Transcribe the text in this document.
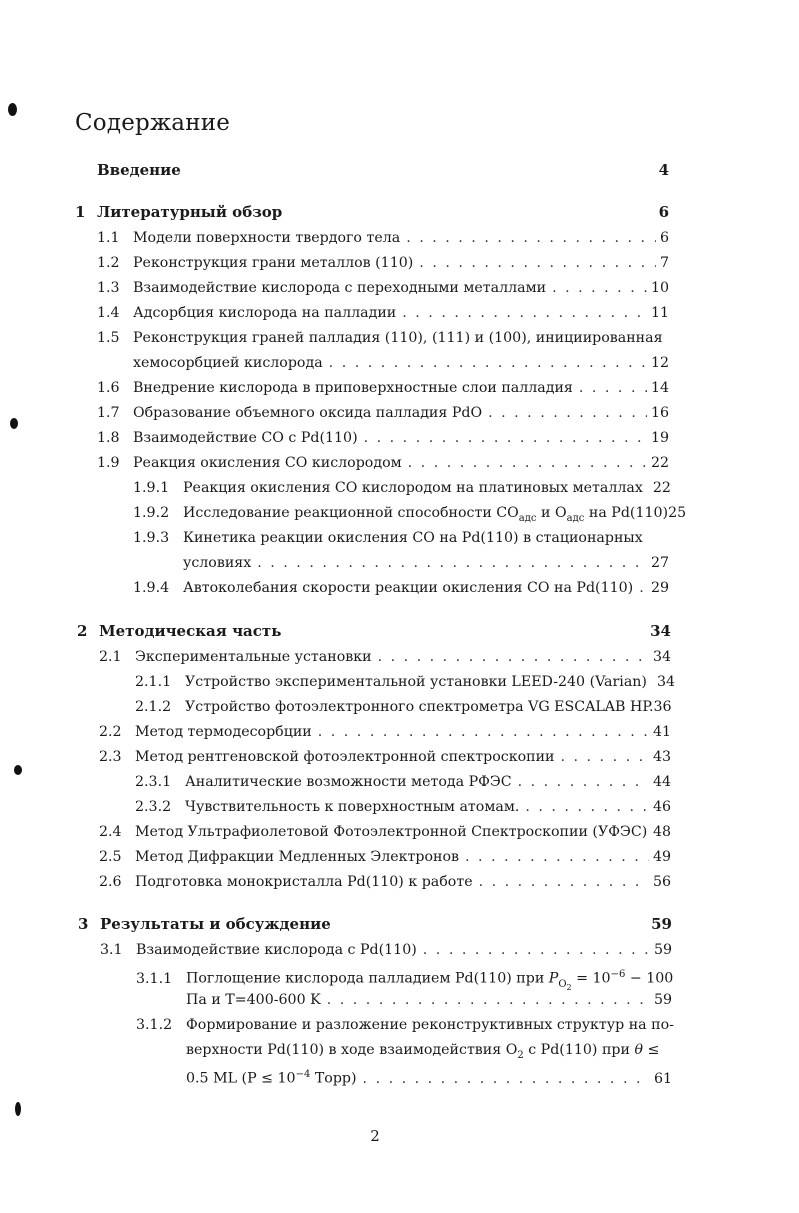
Содержание
Введение	4
1 Литературный обзор	6
1.1 Модели поверхности твердого тела . . .	6
1.2 Реконструкция грани металлов (110) . . .	7
1.3 Взаимодействие кислорода с переходными металлами . . .	10
1.4 Адсорбция кислорода на палладии . . .	11
1.5 Реконструкция граней палладия (110), (111) и (100), инициированная
хемосорбцией кислорода . . .	12
1.6 Внедрение кислорода в приповерхностные слои палладия . . .	14
1.7 Образование объемного оксида палладия PdO . . .	16
1.8 Взаимодействие CO с Pd(110) . . .	19
1.9 Реакция окисления CO кислородом . . .	22
1.9.1 Реакция окисления CO кислородом на платиновых металлах 22
1.9.2 Исследование реакционной способности $CO_{адс}$ и $O_{адс}$ на Pd(110) 25
1.9.3 Кинетика реакции окисления CO на Pd(110) в стационарных
условиях . . .	27
1.9.4 Автоколебания скорости реакции окисления CO на Pd(110) . . . 29
2 Методическая часть	34
2.1 Экспериментальные установки . . .	34
2.1.1 Устройство экспериментальной установки LEED-240 (Varian) 34
2.1.2 Устройство фотоэлектронного спектрометра VG ESCALAB HP. 36
2.2 Метод термодесорбции . . .	41
2.3 Метод рентгеновской фотоэлектронной спектроскопии . . .	43
2.3.1 Аналитические возможности метода РФЭС . . .	44
2.3.2 Чувствительность к поверхностным атомам. . . .	46
2.4 Метод Ультрафиолетовой Фотоэлектронной Спектроскопии (УФЭС) 48
2.5 Метод Дифракции Медленных Электронов . . .	49
2.6 Подготовка монокристалла Pd(110) к работе . . .	56
3 Результаты и обсуждение	59
3.1 Взаимодействие кислорода с Pd(110) . . .	59
3.1.1 Поглощение кислорода палладием Pd(110) при $P_{O_2} = 10^{-6} - 100$
Па и T=400-600 K . . .	59
3.1.2 Формирование и разложение реконструктивных структур на по-
верхности Pd(110) в ходе взаимодействия $O_2$ с Pd(110) при θ ≤
0.5 ML ($P \le 10^{-4}$ Торр) . . .	61
2
